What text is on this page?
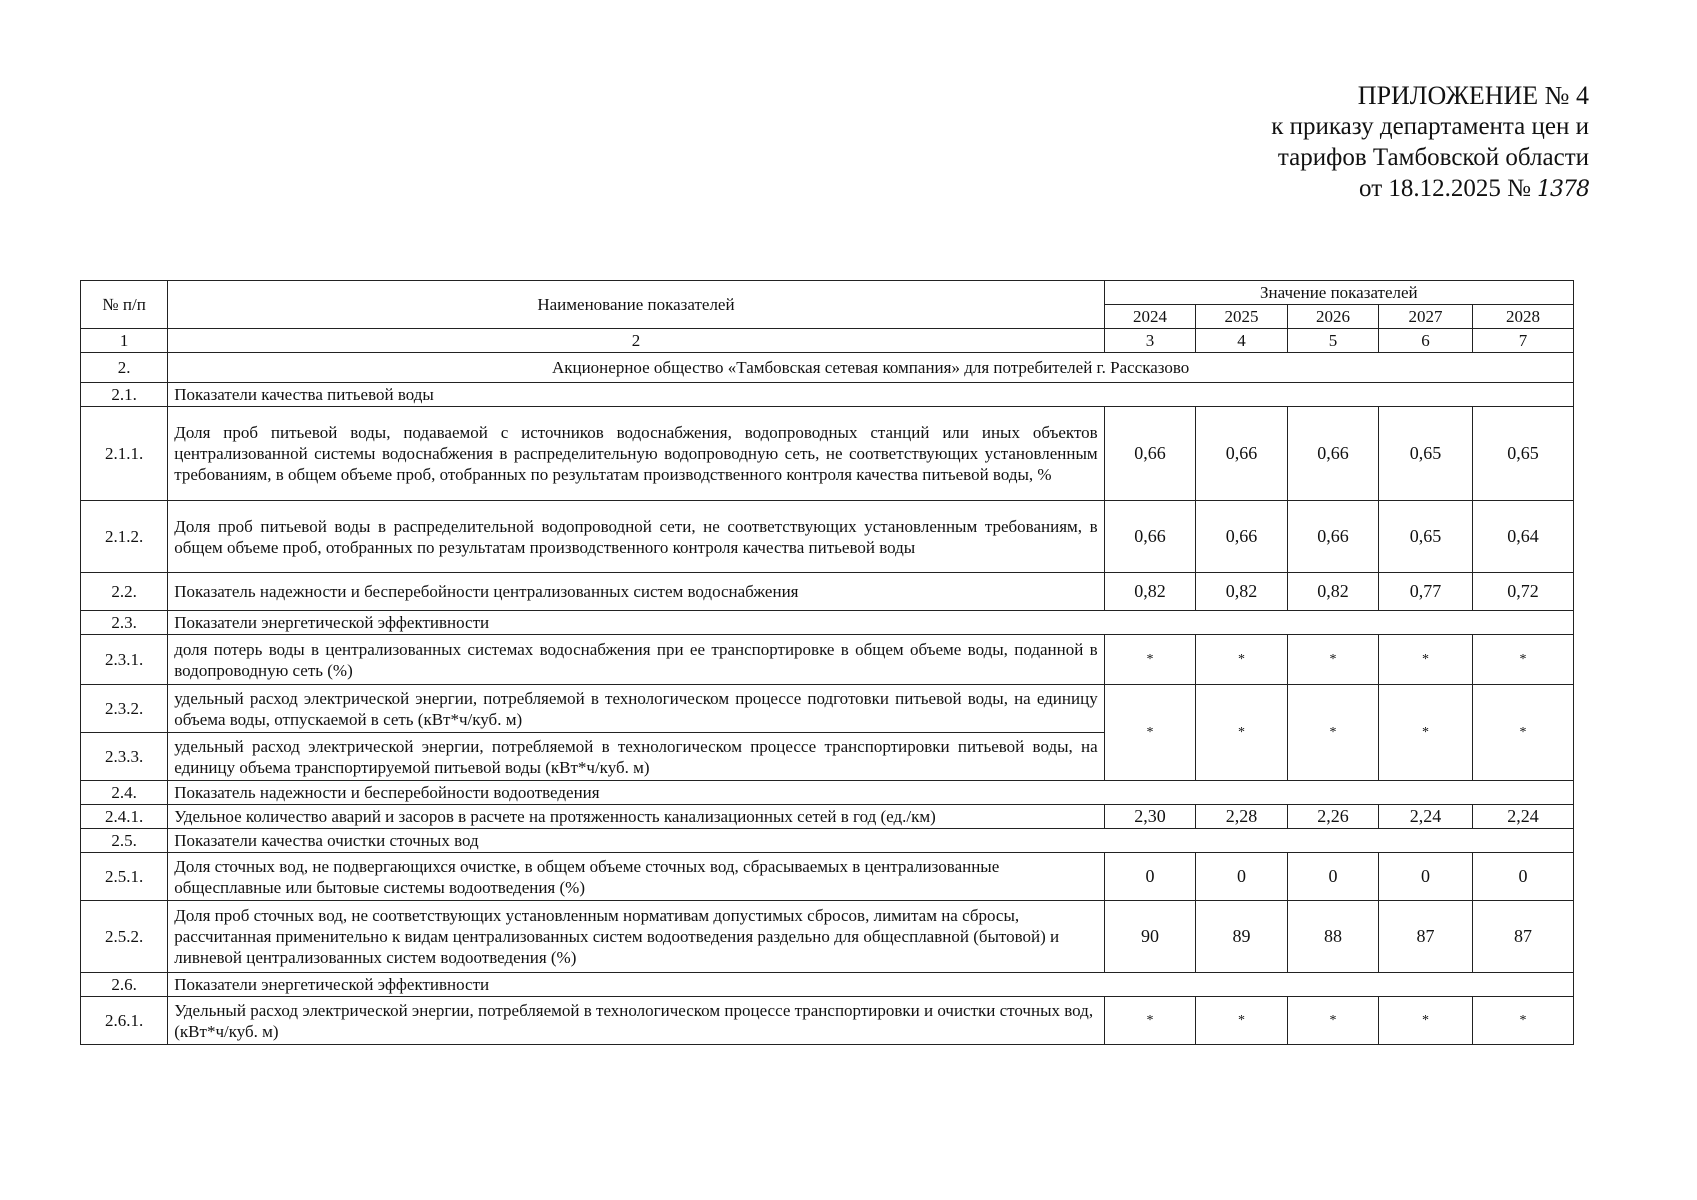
ПРИЛОЖЕНИЕ № 4
к приказу департамента цен и
тарифов Тамбовской области
от 18.12.2025 № 1378
№ п/п	Наименование показателей	Значение показателей				
		2024	2025	2026	2027	2028
1	2	3	4	5	6	7
2.	Акционерное общество «Тамбовская сетевая компания» для потребителей г. Рассказово					
2.1.	Показатели качества питьевой воды					
2.1.1.	Доля проб питьевой воды, подаваемой с источников водоснабжения, водопроводных станций или иных объектов централизованной системы водоснабжения в распределительную водопроводную сеть, не соответствующих установленным требованиям, в общем объеме проб, отобранных по результатам производственного контроля качества питьевой воды, %	0,66	0,66	0,66	0,65	0,65
2.1.2.	Доля проб питьевой воды в распределительной водопроводной сети, не соответствующих установленным требованиям, в общем объеме проб, отобранных по результатам производственного контроля качества питьевой воды	0,66	0,66	0,66	0,65	0,64
2.2.	Показатель надежности и бесперебойности централизованных систем водоснабжения	0,82	0,82	0,82	0,77	0,72
2.3.	Показатели энергетической эффективности					
2.3.1.	доля потерь воды в централизованных системах водоснабжения при ее транспортировке в общем объеме воды, поданной в водопроводную сеть (%)	*	*	*	*	*
2.3.2.	удельный расход электрической энергии, потребляемой в технологическом процессе подготовки питьевой воды, на единицу объема воды, отпускаемой в сеть (кВт*ч/куб. м)	*	*	*	*	*
2.3.3.	удельный расход электрической энергии, потребляемой в технологическом процессе транспортировки питьевой воды, на единицу объема транспортируемой питьевой воды (кВт*ч/куб. м)					
2.4.	Показатель надежности и бесперебойности водоотведения					
2.4.1.	Удельное количество аварий и засоров в расчете на протяженность канализационных сетей в год (ед./км)	2,30	2,28	2,26	2,24	2,24
2.5.	Показатели качества очистки сточных вод					
2.5.1.	Доля сточных вод, не подвергающихся очистке, в общем объеме сточных вод, сбрасываемых в централизованные общесплавные или бытовые системы водоотведения (%)	0	0	0	0	0
2.5.2.	Доля проб сточных вод, не соответствующих установленным нормативам допустимых сбросов, лимитам на сбросы, рассчитанная применительно к видам централизованных систем водоотведения раздельно для общесплавной (бытовой) и ливневой централизованных систем водоотведения (%)	90	89	88	87	87
2.6.	Показатели энергетической эффективности					
2.6.1.	Удельный расход электрической энергии, потребляемой в технологическом процессе транспортировки и очистки сточных вод, (кВт*ч/куб. м)	*	*	*	*	*
